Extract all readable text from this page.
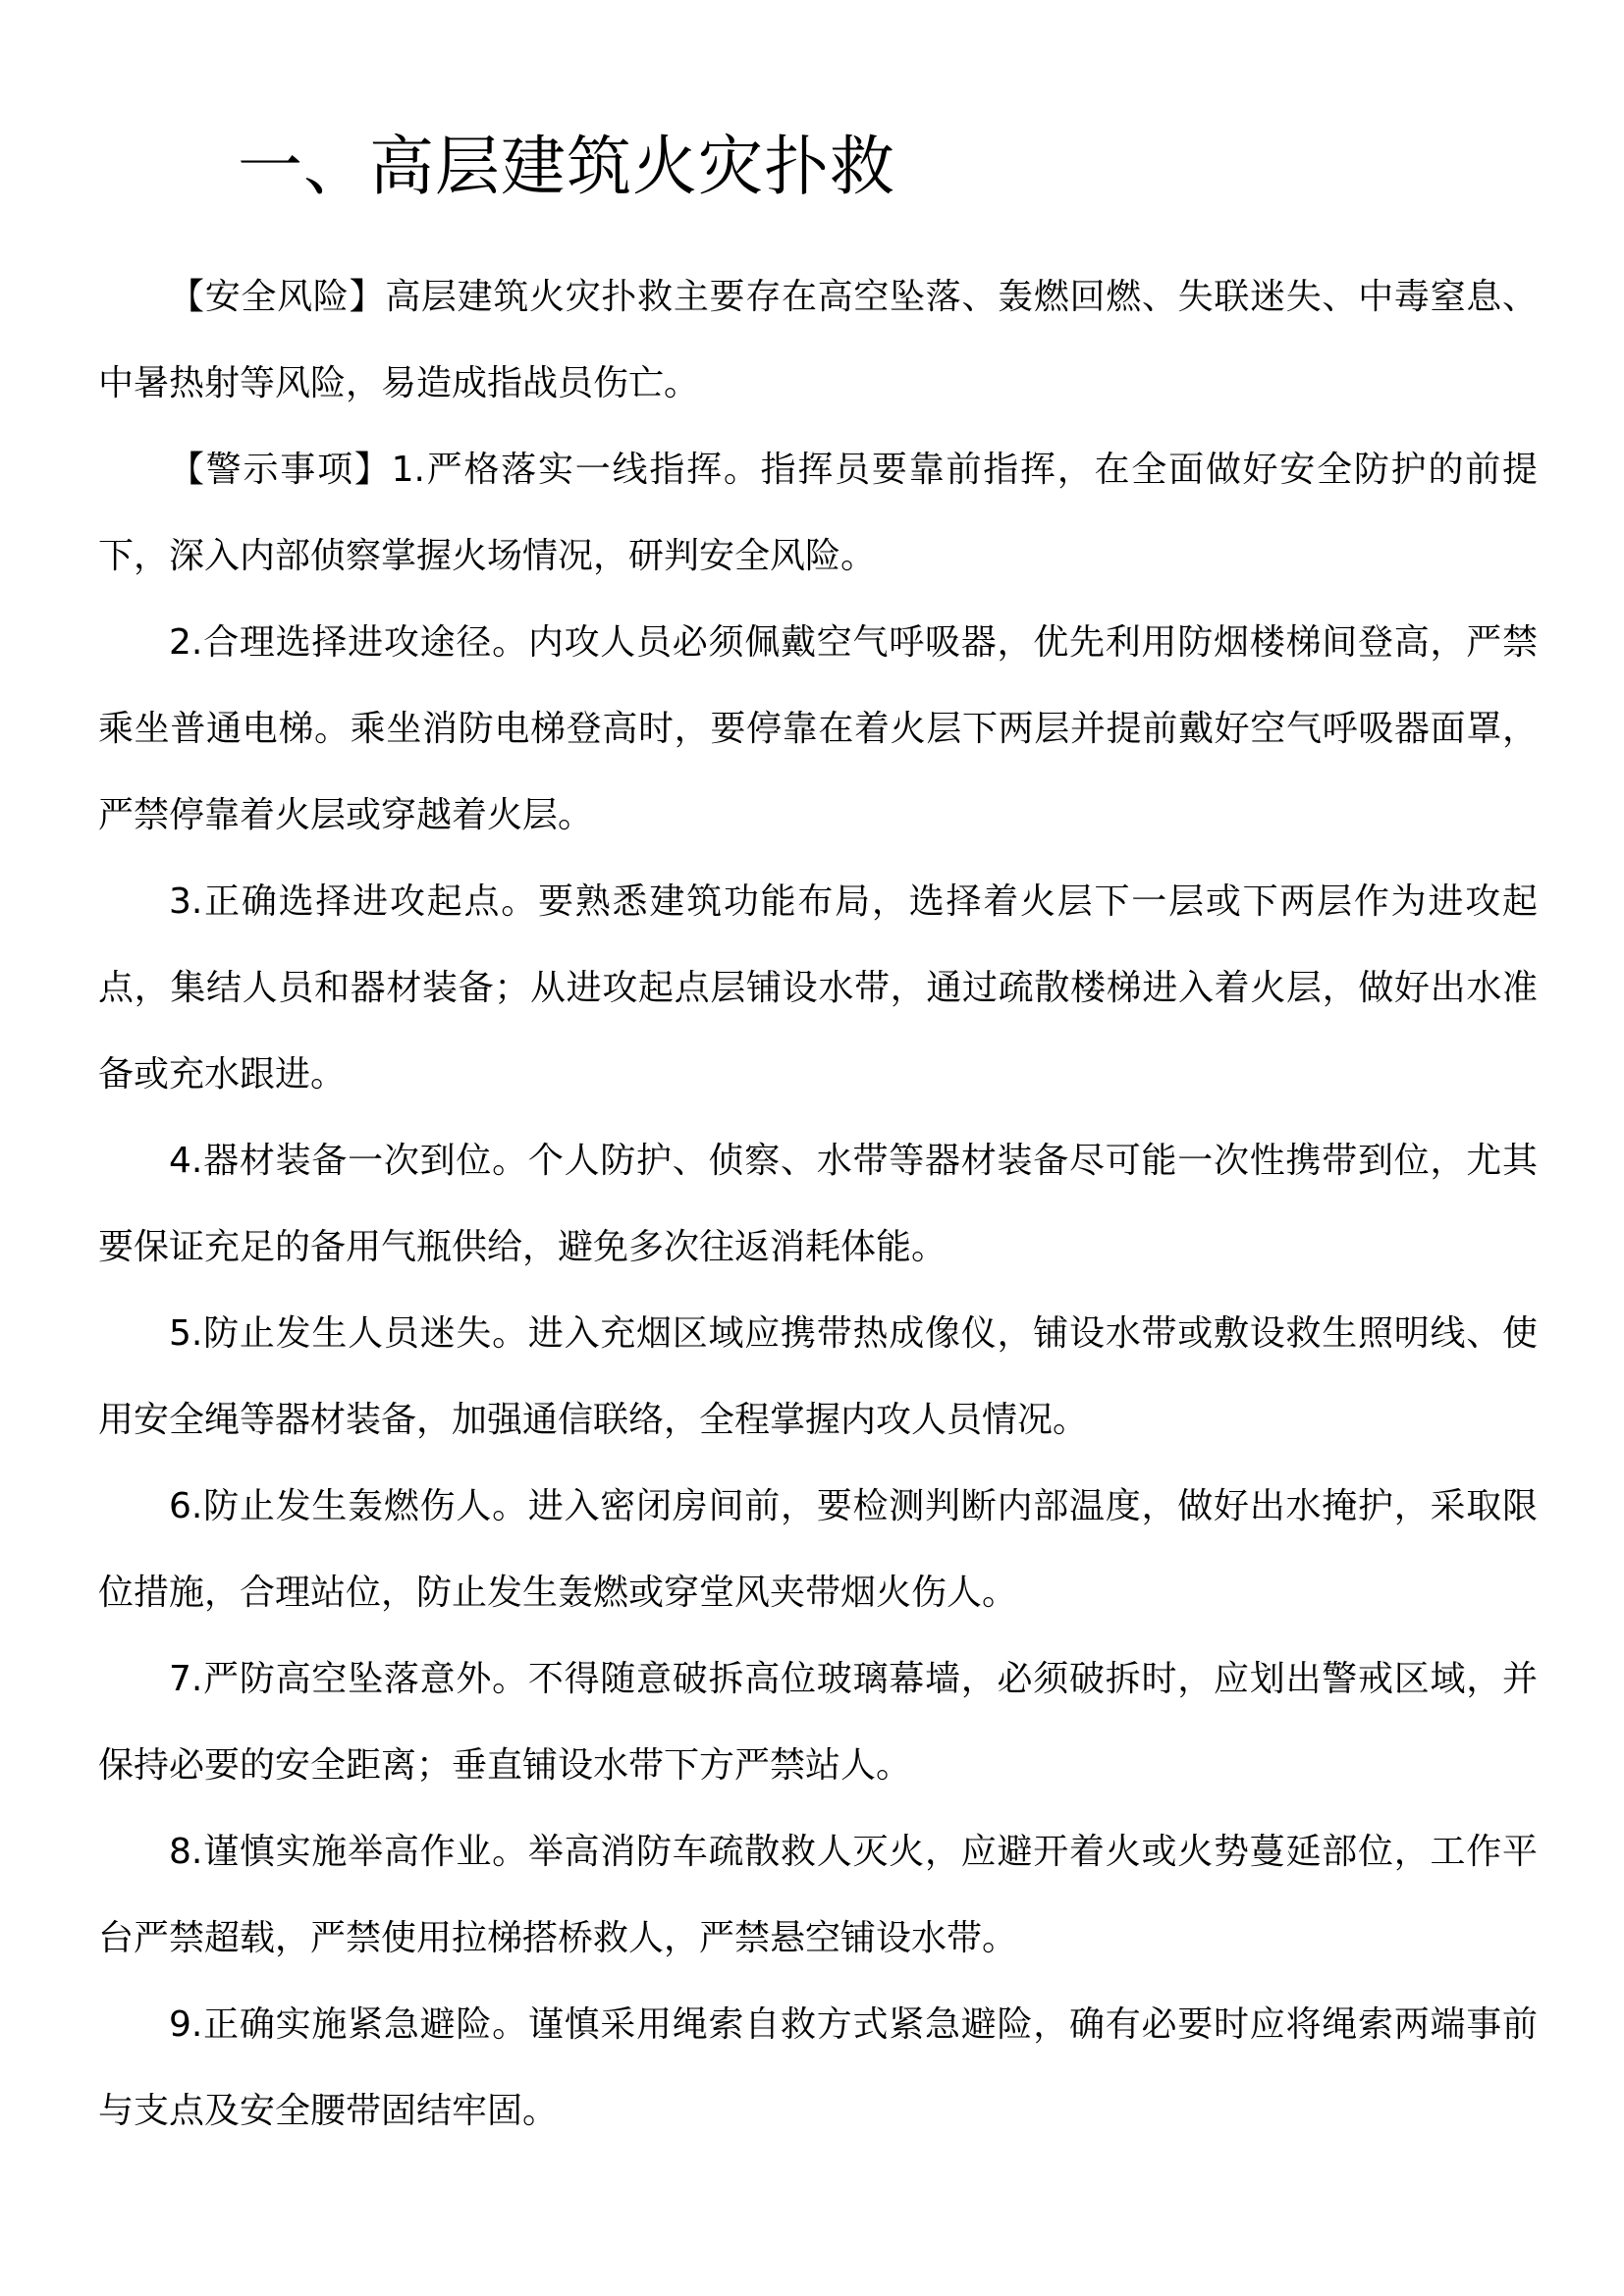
一、高层建筑火灾扑救

【安全风险】高层建筑火灾扑救主要存在高空坠落、轰燃回燃、失联迷失、中毒窒息、中暑热射等风险，易造成指战员伤亡。

【警示事项】1.严格落实一线指挥。指挥员要靠前指挥，在全面做好安全防护的前提下，深入内部侦察掌握火场情况，研判安全风险。

2.合理选择进攻途径。内攻人员必须佩戴空气呼吸器，优先利用防烟楼梯间登高，严禁乘坐普通电梯。乘坐消防电梯登高时，要停靠在着火层下两层并提前戴好空气呼吸器面罩，严禁停靠着火层或穿越着火层。

3.正确选择进攻起点。要熟悉建筑功能布局，选择着火层下一层或下两层作为进攻起点，集结人员和器材装备；从进攻起点层铺设水带，通过疏散楼梯进入着火层，做好出水准备或充水跟进。

4.器材装备一次到位。个人防护、侦察、水带等器材装备尽可能一次性携带到位，尤其要保证充足的备用气瓶供给，避免多次往返消耗体能。

5.防止发生人员迷失。进入充烟区域应携带热成像仪，铺设水带或敷设救生照明线、使用安全绳等器材装备，加强通信联络，全程掌握内攻人员情况。

6.防止发生轰燃伤人。进入密闭房间前，要检测判断内部温度，做好出水掩护，采取限位措施，合理站位，防止发生轰燃或穿堂风夹带烟火伤人。

7.严防高空坠落意外。不得随意破拆高位玻璃幕墙，必须破拆时，应划出警戒区域，并保持必要的安全距离；垂直铺设水带下方严禁站人。

8.谨慎实施举高作业。举高消防车疏散救人灭火，应避开着火或火势蔓延部位，工作平台严禁超载，严禁使用拉梯搭桥救人，严禁悬空铺设水带。

9.正确实施紧急避险。谨慎采用绳索自救方式紧急避险，确有必要时应将绳索两端事前与支点及安全腰带固结牢固。
